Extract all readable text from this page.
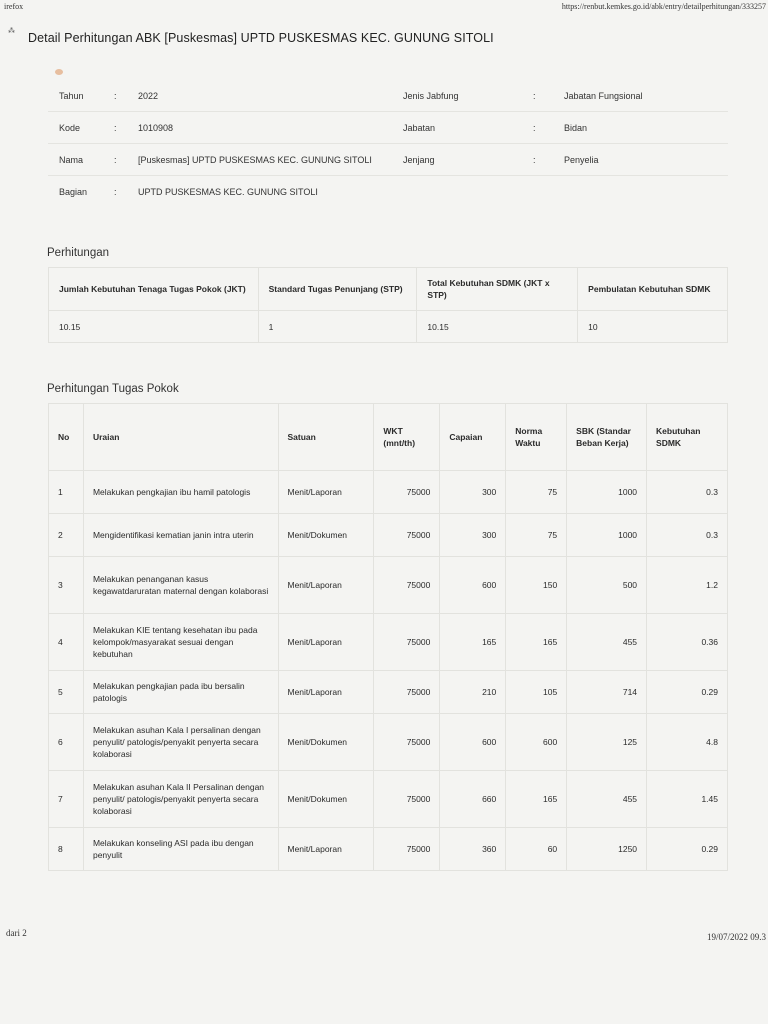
irefox	https://renbut.kemkes.go.id/abk/entry/detailperhitungan/333257
⁂ Detail Perhitungan ABK [Puskesmas] UPTD PUSKESMAS KEC. GUNUNG SITOLI
Tahun	:	2022	Jenis Jabfung	:	Jabatan Fungsional
Kode	:	1010908	Jabatan	:	Bidan
Nama	:	[Puskesmas] UPTD PUSKESMAS KEC. GUNUNG SITOLI	Jenjang	:	Penyelia
Bagian	:	UPTD PUSKESMAS KEC. GUNUNG SITOLI
Perhitungan
Jumlah Kebutuhan Tenaga Tugas Pokok (JKT)	Standard Tugas Penunjang (STP)	Total Kebutuhan SDMK (JKT x STP)	Pembulatan Kebutuhan SDMK
10.15	1	10.15	10
Perhitungan Tugas Pokok
No	Uraian	Satuan	WKT (mnt/th)	Capaian	Norma Waktu	SBK (Standar Beban Kerja)	Kebutuhan SDMK
1	Melakukan pengkajian ibu hamil patologis	Menit/Laporan	75000	300	75	1000	0.3
2	Mengidentifikasi kematian janin intra uterin	Menit/Dokumen	75000	300	75	1000	0.3
3	Melakukan penanganan kasus kegawatdaruratan maternal dengan kolaborasi	Menit/Laporan	75000	600	150	500	1.2
4	Melakukan KIE tentang kesehatan ibu pada kelompok/masyarakat sesuai dengan kebutuhan	Menit/Laporan	75000	165	165	455	0.36
5	Melakukan pengkajian pada ibu bersalin patologis	Menit/Laporan	75000	210	105	714	0.29
6	Melakukan asuhan Kala I persalinan dengan penyulit/ patologis/penyakit penyerta secara kolaborasi	Menit/Dokumen	75000	600	600	125	4.8
7	Melakukan asuhan Kala II Persalinan dengan penyulit/ patologis/penyakit penyerta secara kolaborasi	Menit/Dokumen	75000	660	165	455	1.45
8	Melakukan konseling ASI pada ibu dengan penyulit	Menit/Laporan	75000	360	60	1250	0.29
dari 2	19/07/2022 09.3
